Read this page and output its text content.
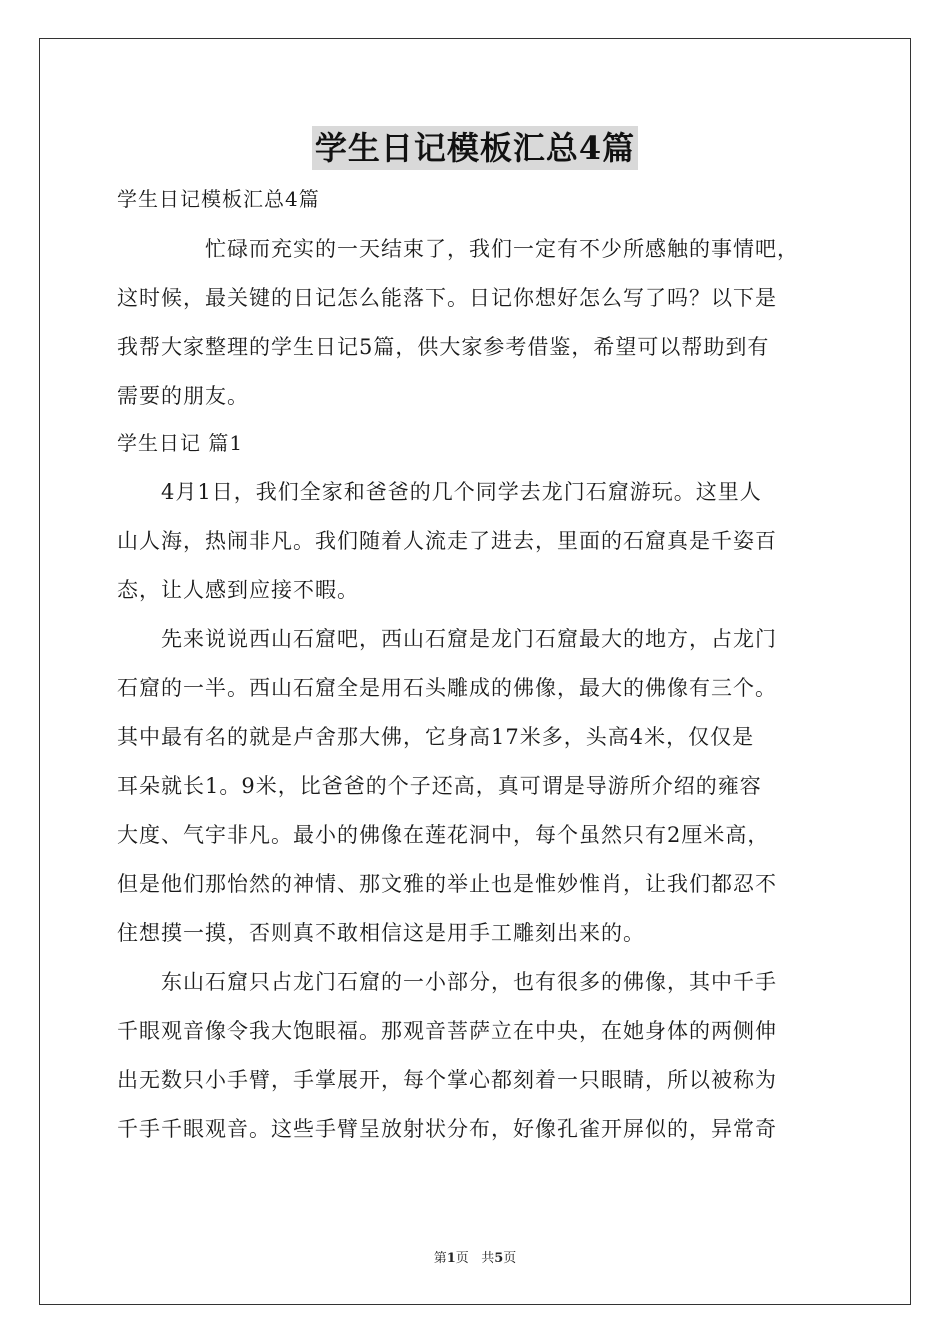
学生日记模板汇总4篇

学生日记模板汇总4篇

　　　　忙碌而充实的一天结束了，我们一定有不少所感触的事情吧，

这时候，最关键的日记怎么能落下。日记你想好怎么写了吗？以下是

我帮大家整理的学生日记5篇，供大家参考借鉴，希望可以帮助到有

需要的朋友。

学生日记 篇1

　　4月1日，我们全家和爸爸的几个同学去龙门石窟游玩。这里人

山人海，热闹非凡。我们随着人流走了进去，里面的石窟真是千姿百

态，让人感到应接不暇。

　　先来说说西山石窟吧，西山石窟是龙门石窟最大的地方，占龙门

石窟的一半。西山石窟全是用石头雕成的佛像，最大的佛像有三个。

其中最有名的就是卢舍那大佛，它身高17米多，头高4米，仅仅是

耳朵就长1。9米，比爸爸的个子还高，真可谓是导游所介绍的雍容

大度、气宇非凡。最小的佛像在莲花洞中，每个虽然只有2厘米高，

但是他们那怡然的神情、那文雅的举止也是惟妙惟肖，让我们都忍不

住想摸一摸，否则真不敢相信这是用手工雕刻出来的。

　　东山石窟只占龙门石窟的一小部分，也有很多的佛像，其中千手

千眼观音像令我大饱眼福。那观音菩萨立在中央，在她身体的两侧伸

出无数只小手臂，手掌展开，每个掌心都刻着一只眼睛，所以被称为

千手千眼观音。这些手臂呈放射状分布，好像孔雀开屏似的，异常奇

第1页 共5页
